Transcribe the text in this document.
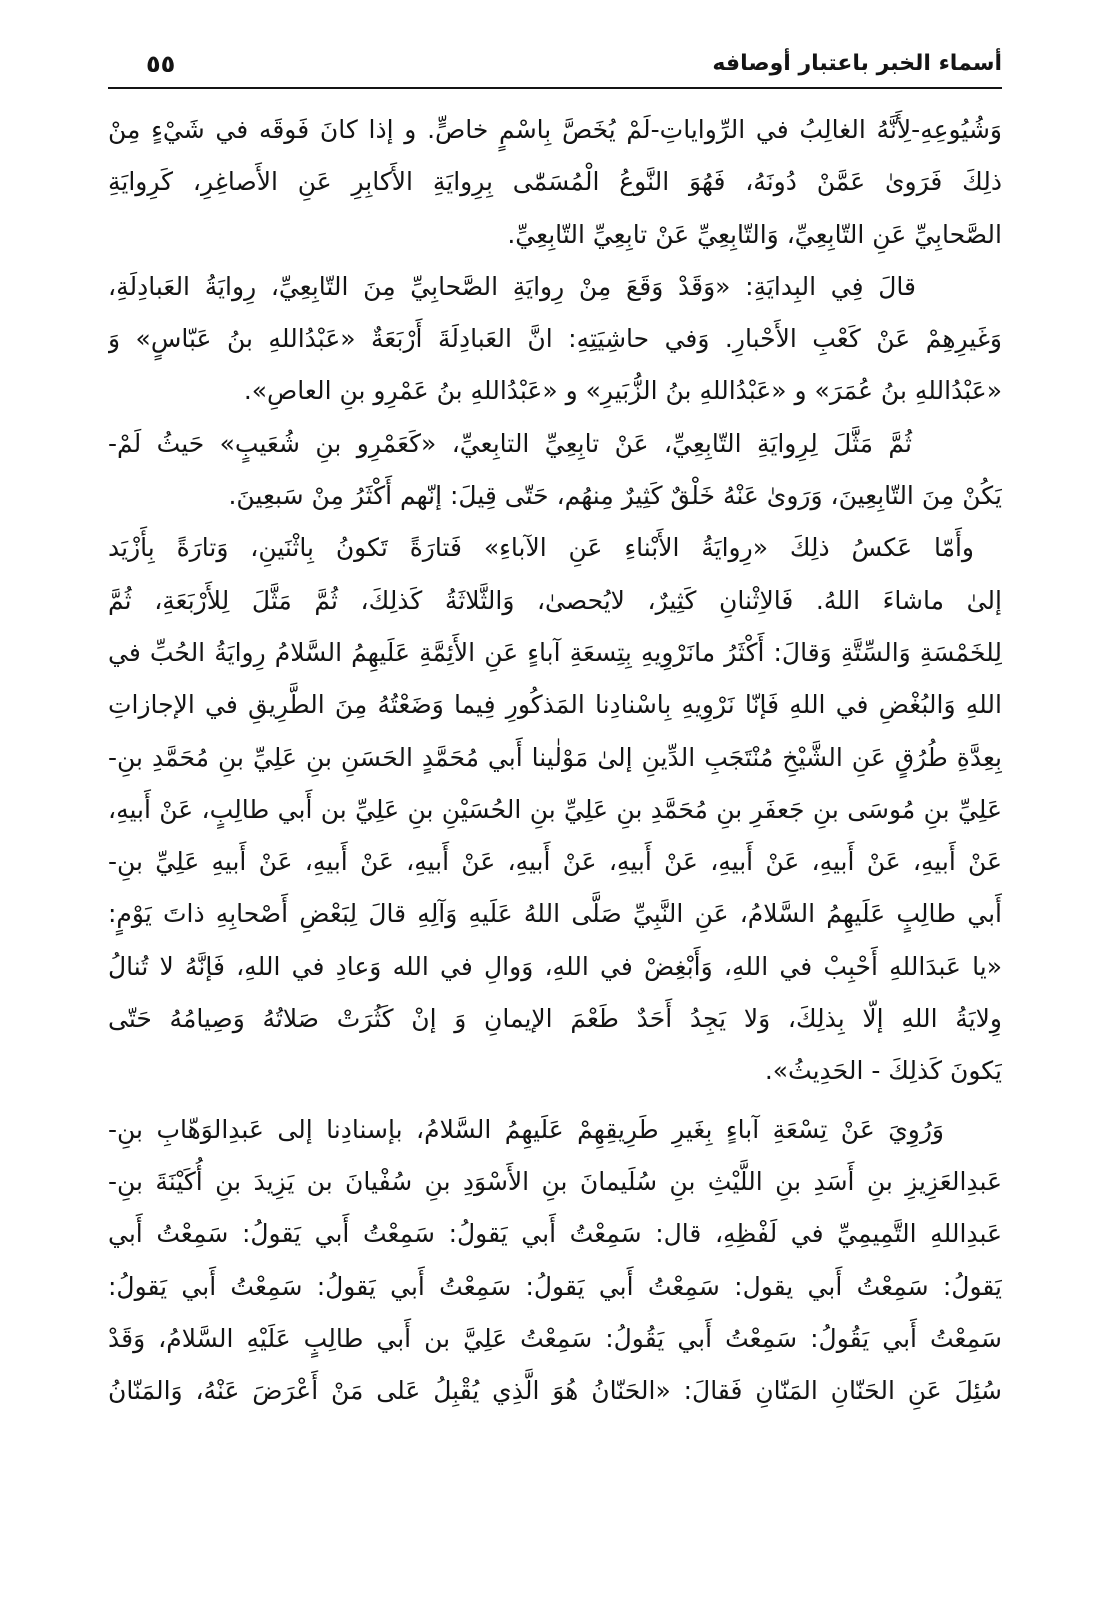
أسماء الخبر باعتبار أوصافه
٥٥
وَشُيُوعِهِ-لِأَنَّهُ الغالِبُ في الرِّواياتِ-لَمْ يُخَصَّ بِاسْمٍ خاصٍّ. و إذا كانَ فَوقَه في شَيْءٍ مِنْ
ذلِكَ فَرَوىٰ عَمَّنْ دُونَهُ، فَهُوَ النَّوعُ الْمُسَمّٰى بِرِوايَةِ الأَكابِرِ عَنِ الأَصاغِرِ، كَرِوايَةِ
الصَّحابِيِّ عَنِ التّابِعِيِّ، وَالتّابِعِيِّ عَنْ تابِعِيِّ التّابِعِيِّ.
قالَ فِي البِدايَةِ: «وَقَدْ وَقَعَ مِنْ رِوايَةِ الصَّحابِيِّ مِنَ التّابِعِيِّ، رِوايَةُ العَبادِلَةِ،
وَغَيرِهِمْ عَنْ كَعْبِ الأَحْبارِ. وَفي حاشِيَتِهِ: انَّ العَبادِلَةَ أَرْبَعَةٌ «عَبْدُاللهِ بنُ عَبّاسٍ» وَ
«عَبْدُاللهِ بنُ عُمَرَ» و «عَبْدُاللهِ بنُ الزُّبَيرِ» و «عَبْدُاللهِ بنُ عَمْرِو بنِ العاصِ».
ثُمَّ مَثَّلَ لِرِوايَةِ التّابِعِيِّ، عَنْ تابِعِيِّ التابِعيِّ، «كَعَمْرِو بنِ شُعَيبٍ» حَيثُ لَمْ-
يَكُنْ مِنَ التّابِعِينَ، وَرَوىٰ عَنْهُ خَلْقٌ كَثِيرٌ مِنهُم، حَتّى قِيلَ: إنّهم أَكْثَرُ مِنْ سَبعِينَ.
وأَمّا عَكسُ ذلِكَ «رِوايَةُ الأَبْناءِ عَنِ الآباءِ» فَتارَةً تَكونُ بِاثْنَينِ، وَتارَةً بِأَزْيَد
إلىٰ ماشاءَ اللهُ. فَالاِثْنانِ كَثِيرٌ، لايُحصىٰ، وَالثَّلاثَةُ كَذلِكَ، ثُمَّ مَثَّلَ لِلأَرْبَعَةِ، ثُمَّ
لِلخَمْسَةِ وَالسِّتَّةِ وَقالَ: أَكْثَرُ مانَرْوِيهِ بِتِسعَةِ آباءٍ عَنِ الأَئِمَّةِ عَلَيهِمُ السَّلامُ رِوايَةُ الحُبِّ في
اللهِ وَالبُغْضِ في اللهِ فَإنّا نَرْوِيهِ بِاسْنادِنا المَذكُورِ فِيما وَضَعْتُهُ مِنَ الطَّرِيقِ في الإجازاتِ
بِعِدَّةِ طُرُقٍ عَنِ الشَّيْخِ مُنْتَجَبِ الدِّينِ إلىٰ مَوْلٰينا أَبي مُحَمَّدٍ الحَسَنِ بنِ عَلِيِّ بنِ مُحَمَّدِ بنِ-
عَلِيِّ بنِ مُوسَى بنِ جَعفَرِ بنِ مُحَمَّدِ بنِ عَلِيِّ بنِ الحُسَيْنِ بنِ عَلِيِّ بن أَبي طالِبٍ، عَنْ أَبيهِ،
عَنْ أَبيهِ، عَنْ أَبيهِ، عَنْ أَبيهِ، عَنْ أَبيهِ، عَنْ أَبيهِ، عَنْ أَبيهِ، عَنْ أَبيهِ، عَنْ أَبيهِ عَلِيِّ بنِ-
أَبي طالِبٍ عَلَيهِمُ السَّلامُ، عَنِ النَّبِيِّ صَلَّى اللهُ عَلَيهِ وَآلِهِ قالَ لِبَعْضِ أَصْحابِهِ ذاتَ يَوْمٍ:
«يا عَبدَاللهِ أَحْبِبْ في اللهِ، وَأَبْغِضْ في اللهِ، وَوالِ في الله وَعادِ في اللهِ، فَإنَّهُ لا تُنالُ
وِلايَةُ اللهِ إلّا بِذلِكَ، وَلا يَجِدُ أَحَدٌ طَعْمَ الإيمانِ وَ إنْ كَثُرَتْ صَلاتُهُ وَصِيامُهُ حَتّى
يَكونَ كَذلِكَ - الحَدِيثُ».
وَرُوِيَ عَنْ تِسْعَةِ آباءٍ بِغَيرِ طَرِيقِهِمْ عَلَيهِمُ السَّلامُ، بإسنادِنا إلى عَبدِالوَهّابِ بنِ-
عَبدِالعَزِيزِ بنِ أَسَدِ بنِ اللَّيْثِ بنِ سُلَيمانَ بنِ الأَسْوَدِ بنِ سُفْيانَ بن يَزِيدَ بنِ أُكَيْنَةَ بنِ-
عَبدِاللهِ التَّمِيمِيِّ في لَفْظِهِ، قال: سَمِعْتُ أَبي يَقولُ: سَمِعْتُ أَبي يَقولُ: سَمِعْتُ أَبي
يَقولُ: سَمِعْتُ أَبي يقول: سَمِعْتُ أَبي يَقولُ: سَمِعْتُ أَبي يَقولُ: سَمِعْتُ أَبي يَقولُ:
سَمِعْتُ أَبي يَقُولُ: سَمِعْتُ أَبي يَقُولُ: سَمِعْتُ عَلِيَّ بن أَبي طالِبٍ عَلَيْهِ السَّلامُ، وَقَدْ
سُئِلَ عَنِ الحَنّانِ المَنّانِ فَقالَ: «الحَنّانُ هُوَ الَّذِي يُقْبِلُ عَلى مَنْ أَعْرَضَ عَنْهُ، وَالمَنّانُ
